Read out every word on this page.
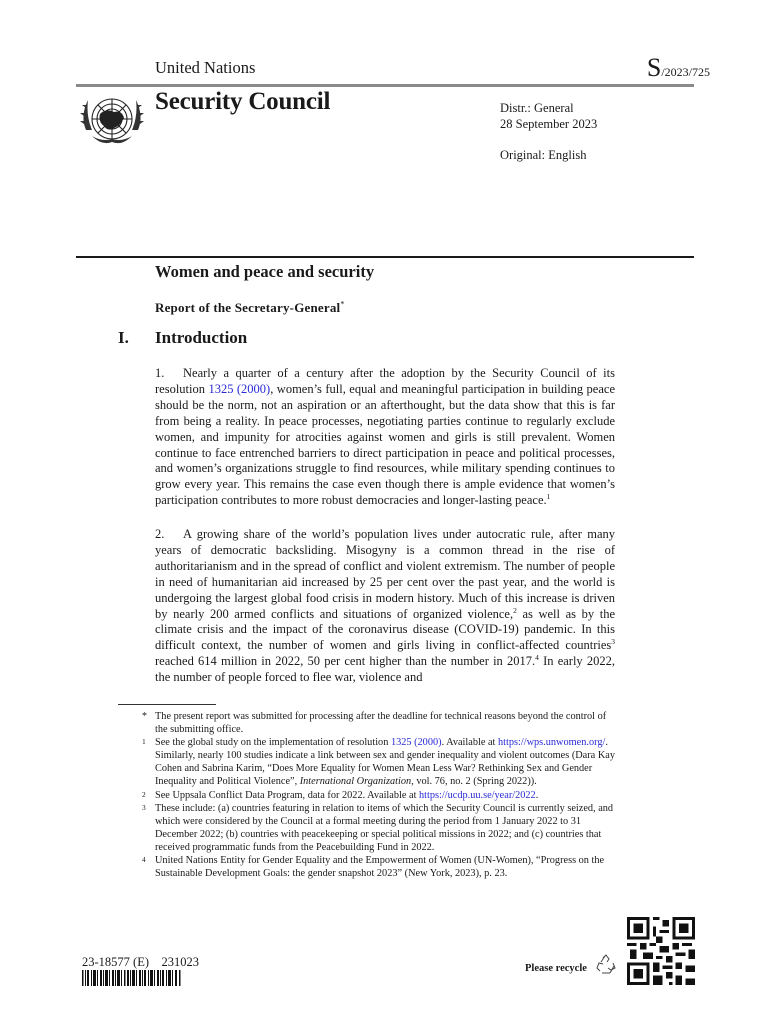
United Nations	S/2023/725
Security Council	Distr.: General
28 September 2023
Original: English
Women and peace and security
Report of the Secretary-General*
I. Introduction
1. Nearly a quarter of a century after the adoption by the Security Council of its resolution 1325 (2000), women’s full, equal and meaningful participation in building peace should be the norm, not an aspiration or an afterthought, but the data show that this is far from being a reality. In peace processes, negotiating parties continue to regularly exclude women, and impunity for atrocities against women and girls is still prevalent. Women continue to face entrenched barriers to direct participation in peace and political processes, and women’s organizations struggle to find resources, while military spending continues to grow every year. This remains the case even though there is ample evidence that women’s participation contributes to more robust democracies and longer-lasting peace.$^1$
2. A growing share of the world’s population lives under autocratic rule, after many years of democratic backsliding. Misogyny is a common thread in the rise of authoritarianism and in the spread of conflict and violent extremism. The number of people in need of humanitarian aid increased by 25 per cent over the past year, and the world is undergoing the largest global food crisis in modern history. Much of this increase is driven by nearly 200 armed conflicts and situations of organized violence,$^2$ as well as by the climate crisis and the impact of the coronavirus disease (COVID-19) pandemic. In this difficult context, the number of women and girls living in conflict-affected countries$^3$ reached 614 million in 2022, 50 per cent higher than the number in 2017.$^4$ In early 2022, the number of people forced to flee war, violence and

* The present report was submitted for processing after the deadline for technical reasons beyond the control of the submitting office.

1 See the global study on the implementation of resolution 1325 (2000). Available at https://wps.unwomen.org/. Similarly, nearly 100 studies indicate a link between sex and gender inequality and violent outcomes (Dara Kay Cohen and Sabrina Karim, “Does More Equality for Women Mean Less War? Rethinking Sex and Gender Inequality and Political Violence”, International Organization, vol. 76, no. 2 (Spring 2022)).

2 See Uppsala Conflict Data Program, data for 2022. Available at https://ucdp.uu.se/year/2022.

3 These include: (a) countries featuring in relation to items of which the Security Council is currently seized, and which were considered by the Council at a formal meeting during the period from 1 January 2022 to 31 December 2022; (b) countries with peacekeeping or special political missions in 2022; and (c) countries that received programmatic funds from the Peacebuilding Fund in 2022.

4 United Nations Entity for Gender Equality and the Empowerment of Women (UN-Women), “Progress on the Sustainable Development Goals: the gender snapshot 2023” (New York, 2023), p. 23.

23-18577 (E)    231023	Please recycle
